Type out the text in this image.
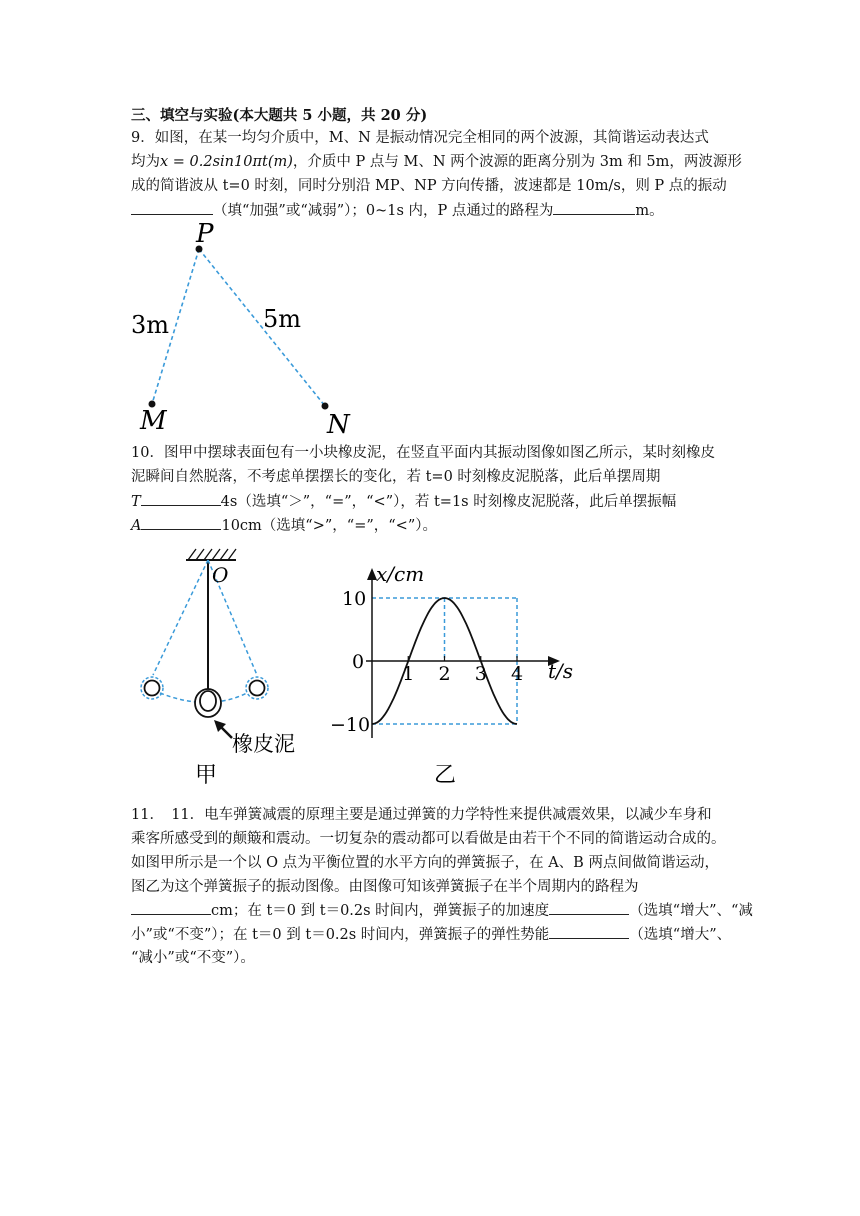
三、填空与实验(本大题共 5 小题，共 20 分)
9．如图，在某一均匀介质中，M、N 是振动情况完全相同的两个波源，其简谐运动表达式
均为x = 0.2sin10πt(m)，介质中 P 点与 M、N 两个波源的距离分别为 3m 和 5m，两波源形
成的简谐波从 t=0 时刻，同时分别沿 MP、NP 方向传播，波速都是 10m/s，则 P 点的振动
（填“加强”或“减弱”）；0~1s 内，P 点通过的路程为	m。
P
M	N
3m	5m
10．图甲中摆球表面包有一小块橡皮泥，在竖直平面内其振动图像如图乙所示，某时刻橡皮
泥瞬间自然脱落，不考虑单摆摆长的变化，若 t=0 时刻橡皮泥脱落，此后单摆周期
T	4s（选填“＞”，“=”，“<”），若 t=1s 时刻橡皮泥脱落，此后单摆振幅
A	10cm（选填“>”，“=”，“<”）。
O
橡皮泥
甲
1 2 3 4
10
0
−10
x/cm
t/s
乙
11．　11．电车弹簧减震的原理主要是通过弹簧的力学特性来提供减震效果，以减少车身和
乘客所感受到的颠簸和震动。一切复杂的震动都可以看做是由若干个不同的简谐运动合成的。
如图甲所示是一个以 O 点为平衡位置的水平方向的弹簧振子，在 A、B 两点间做简谐运动，
图乙为这个弹簧振子的振动图像。由图像可知该弹簧振子在半个周期内的路程为
cm；在 t＝0 到 t＝0.2s 时间内，弹簧振子的加速度	（选填“增大”、“减
小”或“不变”）；在 t＝0 到 t＝0.2s 时间内，弹簧振子的弹性势能	（选填“增大”、
“减小”或“不变”）。
